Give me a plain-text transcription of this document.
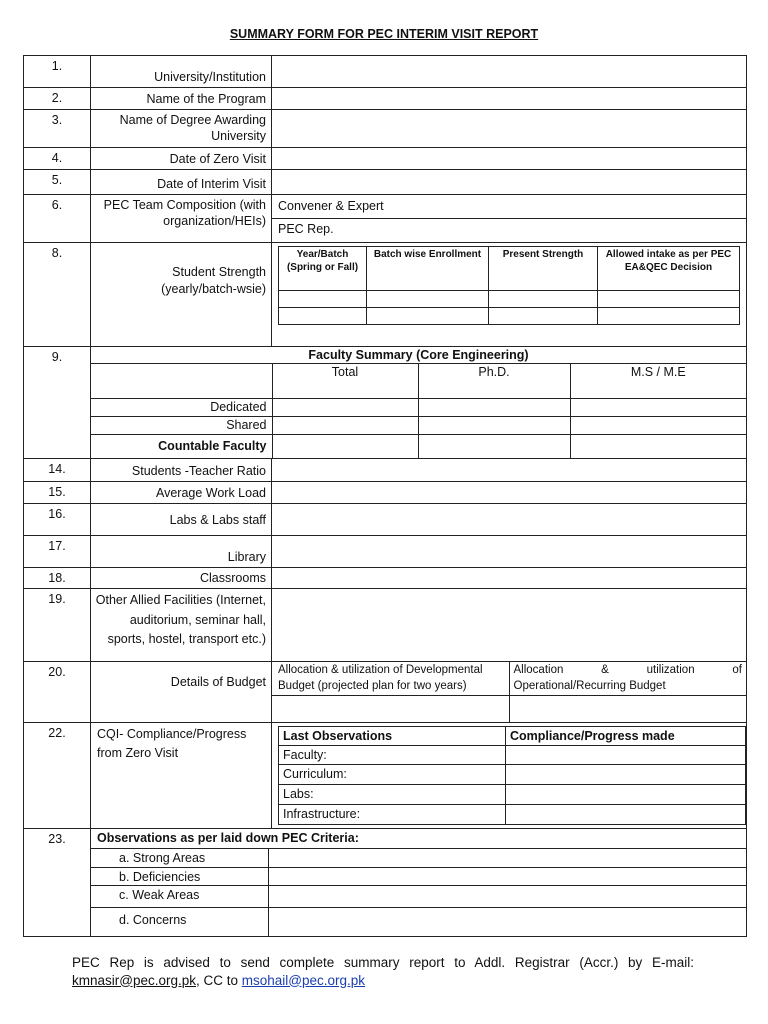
SUMMARY FORM FOR PEC INTERIM VISIT REPORT
1.	University/Institution	
2.	Name of the Program	
3.	Name of Degree Awarding University	
4.	Date of Zero Visit	
5.	Date of Interim Visit	
6.	PEC Team Composition (with organization/HEIs)	
Convener & Expert
PEC Rep.

8.	Student Strength (yearly/batch-wsie)	
Year/Batch (Spring or Fall)	Batch wise Enrollment	Present Strength	Allowed intake as per PEC EA&QEC Decision

9.		Faculty Summary (Core Engineering)
	Total	Ph.D.	M.S / M.E
Dedicated			
Shared			
Countable Faculty			

14.	Students -Teacher Ratio	
15.	Average Work Load	
16.	Labs & Labs staff	
17.	Library	
18.	Classrooms	
19.	Other Allied Facilities (Internet, auditorium, seminar hall, sports, hostel, transport etc.)	
20.	Details of Budget	
Allocation & utilization of Developmental Budget (projected plan for two years)	Allocation & utilization of Operational/Recurring Budget

22.	CQI- Compliance/Progress from Zero Visit	
Last Observations	Compliance/Progress made
Faculty:	
Curriculum:	
Labs:	
Infrastructure:	

23.		Observations as per laid down PEC Criteria:
a. Strong Areas	
b. Deficiencies	
c. Weak Areas	
d. Concerns	
PEC Rep is advised to send complete summary report to Addl. Registrar (Accr.) by E-mail: kmnasir@pec.org.pk, CC to msohail@pec.org.pk
